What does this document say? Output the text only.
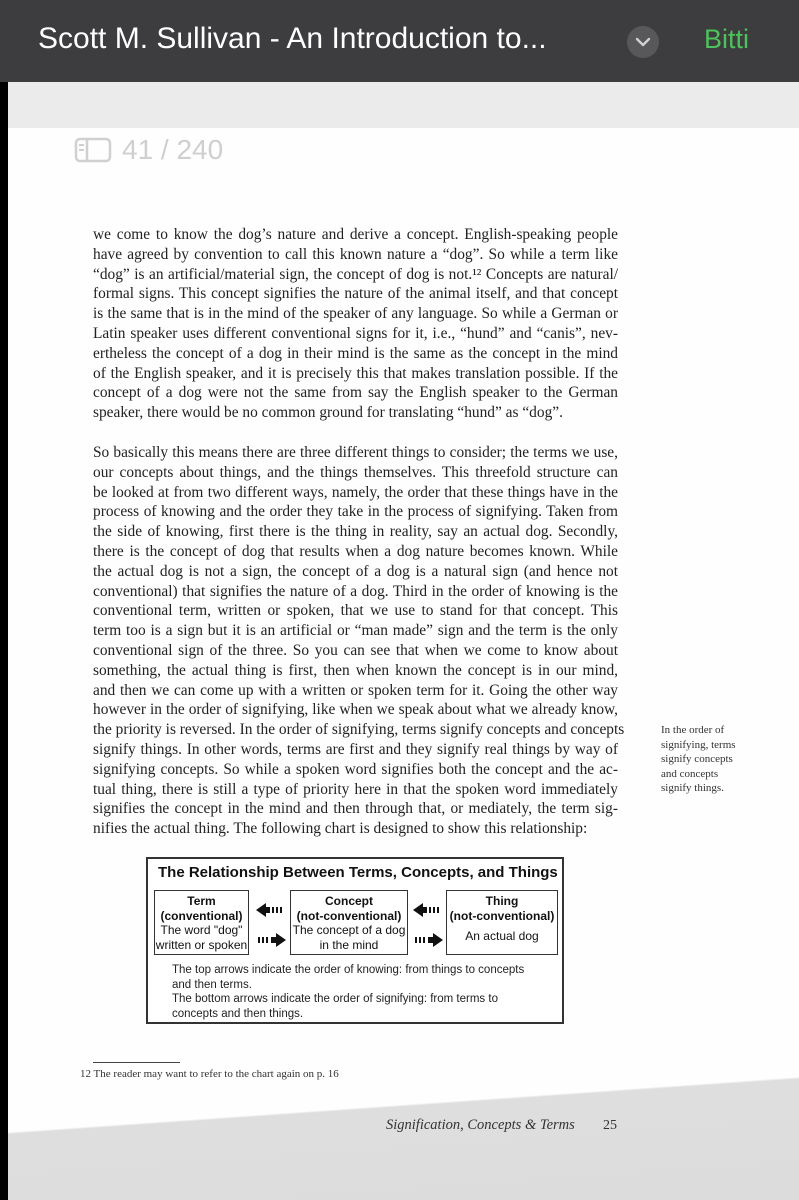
Scott M. Sullivan - An Introduction to...	Bitti
41 / 240
we come to know the dog’s nature and derive a concept. English-speaking people
have agreed by convention to call this known nature a “dog”. So while a term like
“dog” is an artificial/material sign, the concept of dog is not.¹² Concepts are natural/
formal signs. This concept signifies the nature of the animal itself, and that concept
is the same that is in the mind of the speaker of any language. So while a German or
Latin speaker uses different conventional signs for it, i.e., “hund” and “canis”, nev-
ertheless the concept of a dog in their mind is the same as the concept in the mind
of the English speaker, and it is precisely this that makes translation possible. If the
concept of a dog were not the same from say the English speaker to the German
speaker, there would be no common ground for translating “hund” as “dog”.
So basically this means there are three different things to consider; the terms we use,
our concepts about things, and the things themselves. This threefold structure can
be looked at from two different ways, namely, the order that these things have in the
process of knowing and the order they take in the process of signifying. Taken from
the side of knowing, first there is the thing in reality, say an actual dog. Secondly,
there is the concept of dog that results when a dog nature becomes known. While
the actual dog is not a sign, the concept of a dog is a natural sign (and hence not
conventional) that signifies the nature of a dog. Third in the order of knowing is the
conventional term, written or spoken, that we use to stand for that concept. This
term too is a sign but it is an artificial or “man made” sign and the term is the only
conventional sign of the three. So you can see that when we come to know about
something, the actual thing is first, then when known the concept is in our mind,
and then we can come up with a written or spoken term for it. Going the other way
however in the order of signifying, like when we speak about what we already know,
the priority is reversed. In the order of signifying, terms signify concepts and concepts
signify things. In other words, terms are first and they signify real things by way of
signifying concepts. So while a spoken word signifies both the concept and the ac-
tual thing, there is still a type of priority here in that the spoken word immediately
signifies the concept in the mind and then through that, or mediately, the term sig-
nifies the actual thing. The following chart is designed to show this relationship:
In the order of
signifying, terms
signify concepts
and concepts
signify things.
The Relationship Between Terms, Concepts, and Things
Term
(conventional)
The word "dog"
written or spoken
Concept
(not-conventional)
The concept of a dog
in the mind
Thing
(not-conventional)
An actual dog
The top arrows indicate the order of knowing: from things to concepts
and then terms.
The bottom arrows indicate the order of signifying: from terms to
concepts and then things.
12 The reader may want to refer to the chart again on p. 16
Signification, Concepts & Terms 25
